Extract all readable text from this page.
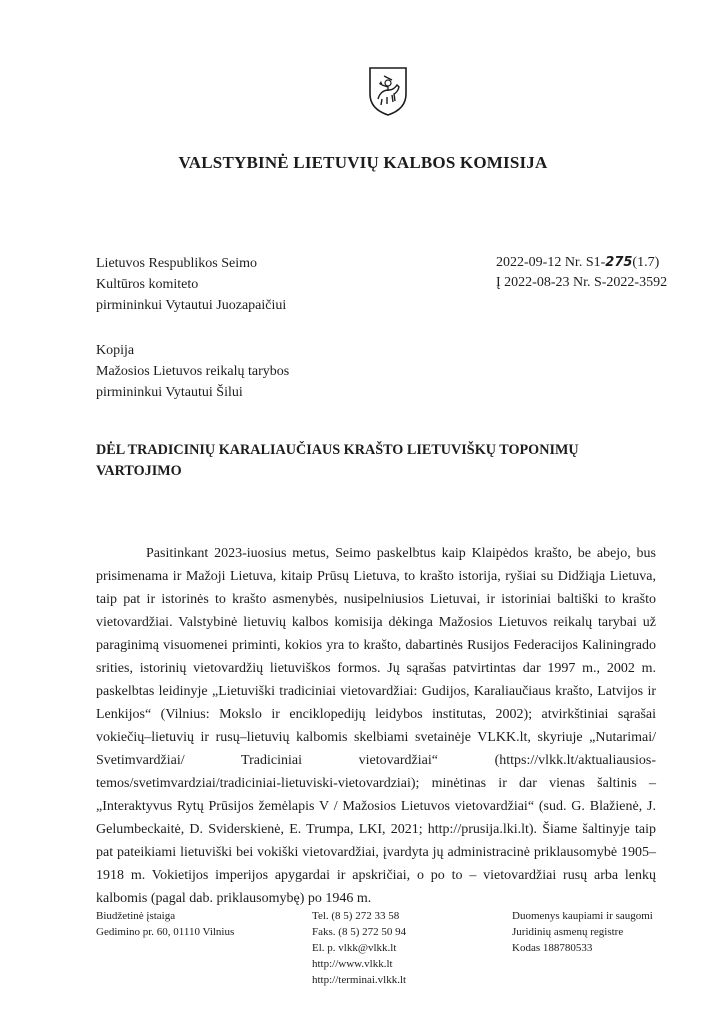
VALSTYBINĖ LIETUVIŲ KALBOS KOMISIJA
Lietuvos Respublikos Seimo
Kultūros komiteto
pirmininkui Vytautui Juozapaičiui
2022-09-12 Nr. S1-275(1.7)
Į 2022-08-23 Nr. S-2022-3592
Kopija
Mažosios Lietuvos reikalų tarybos
pirmininkui Vytautui Šilui
DĖL TRADICINIŲ KARALIAUČIAUS KRAŠTO LIETUVIŠKŲ TOPONIMŲ VARTOJIMO
Pasitinkant 2023-iuosius metus, Seimo paskelbtus kaip Klaipėdos krašto, be abejo, bus prisimenama ir Mažoji Lietuva, kitaip Prūsų Lietuva, to krašto istorija, ryšiai su Didžiąja Lietuva, taip pat ir istorinės to krašto asmenybės, nusipelniusios Lietuvai, ir istoriniai baltiški to krašto vietovardžiai. Valstybinė lietuvių kalbos komisija dėkinga Mažosios Lietuvos reikalų tarybai už paraginimą visuomenei priminti, kokios yra to krašto, dabartinės Rusijos Federacijos Kaliningrado srities, istorinių vietovardžių lietuviškos formos. Jų sąrašas patvirtintas dar 1997 m., 2002 m. paskelbtas leidinyje „Lietuviški tradiciniai vietovardžiai: Gudijos, Karaliaučiaus krašto, Latvijos ir Lenkijos“ (Vilnius: Mokslo ir enciklopedijų leidybos institutas, 2002); atvirkštiniai sąrašai vokiečių–lietuvių ir rusų–lietuvių kalbomis skelbiami svetainėje VLKK.lt, skyriuje „Nutarimai/ Svetimvardžiai/ Tradiciniai vietovardžiai“ (https://vlkk.lt/aktualiausios-temos/svetimvardziai/tradiciniai-lietuviski-vietovardziai); minėtinas ir dar vienas šaltinis – „Interaktyvus Rytų Prūsijos žemėlapis V / Mažosios Lietuvos vietovardžiai“ (sud. G. Blažienė, J. Gelumbeckaitė, D. Sviderskienė, E. Trumpa, LKI, 2021; http://prusija.lki.lt). Šiame šaltinyje taip pat pateikiami lietuviški bei vokiški vietovardžiai, įvardyta jų administracinė priklausomybė 1905–1918 m. Vokietijos imperijos apygardai ir apskričiai, o po to – vietovardžiai rusų arba lenkų kalbomis (pagal dab. priklausomybę) po 1946 m.
Biudžetinė įstaiga
Gedimino pr. 60, 01110 Vilnius
Tel. (8 5) 272 33 58
Faks. (8 5) 272 50 94
El. p. vlkk@vlkk.lt
http://www.vlkk.lt
http://terminai.vlkk.lt
Duomenys kaupiami ir saugomi
Juridinių asmenų registre
Kodas 188780533
